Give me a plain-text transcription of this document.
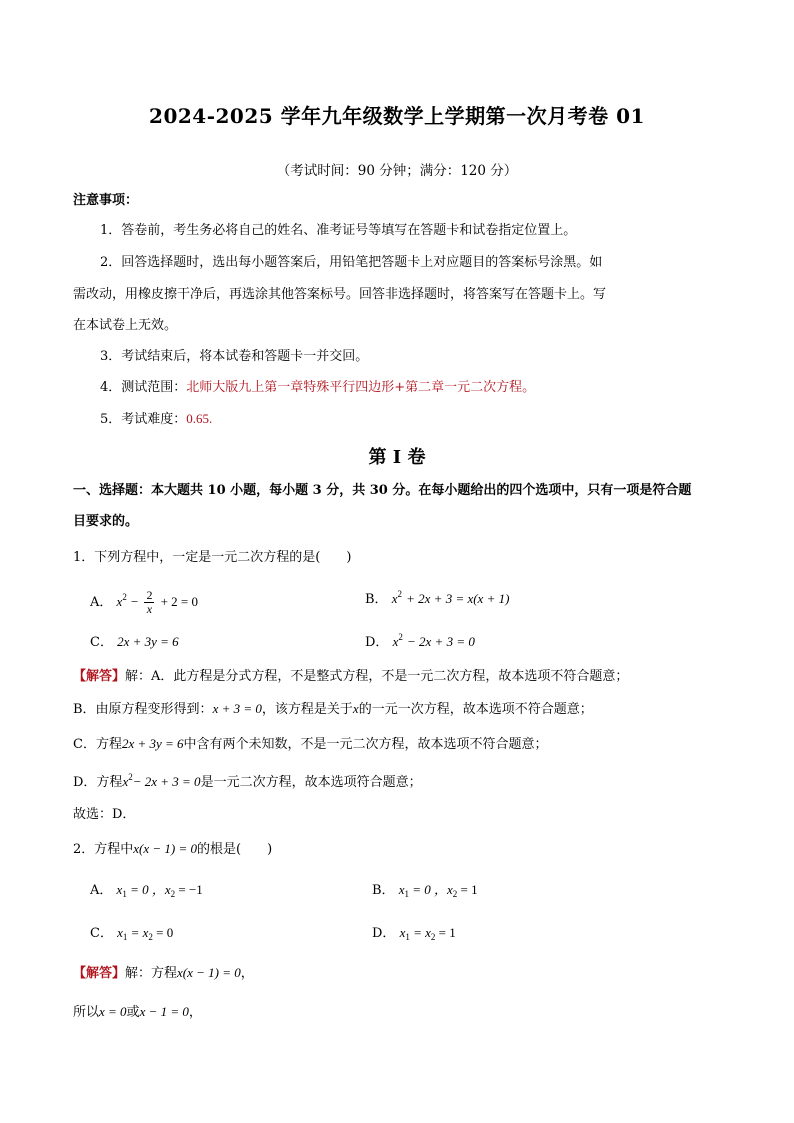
2024-2025 学年九年级数学上学期第一次月考卷 01
（考试时间：90 分钟；满分：120 分）
注意事项：
1．答卷前，考生务必将自己的姓名、准考证号等填写在答题卡和试卷指定位置上。
2．回答选择题时，选出每小题答案后，用铅笔把答题卡上对应题目的答案标号涂黑。如
需改动，用橡皮擦干净后，再选涂其他答案标号。回答非选择题时，将答案写在答题卡上。写
在本试卷上无效。
3．考试结束后，将本试卷和答题卡一并交回。
4．测试范围：北师大版九上第一章特殊平行四边形+第二章一元二次方程。
5．考试难度：0.65.
第 Ⅰ 卷
一、选择题：本大题共 10 小题，每小题 3 分，共 30 分。在每小题给出的四个选项中，只有一项是符合题
目要求的。
1．下列方程中，一定是一元二次方程的是(　　)
A． $x^2 - \frac{2}{x} + 2 = 0$	B． $x^2 + 2x + 3 = x(x + 1)$
C． 2x + 3y = 6	D． $x^2 - 2x + 3 = 0$
【解答】解：A．此方程是分式方程，不是整式方程，不是一元二次方程，故本选项不符合题意；
B．由原方程变形得到：x + 3 = 0，该方程是关于x的一元一次方程，故本选项不符合题意；
C．方程2x + 3y = 6中含有两个未知数，不是一元二次方程，故本选项不符合题意；
D．方程$x^2- 2x + 3 = 0$是一元二次方程，故本选项符合题意；
故选：D．
2．方程中x(x − 1) = 0的根是(　　)
A． $x_1 = 0$ ，$x_2 = -1$	B． $x_1 = 0$ ，$x_2 = 1$
C． $x_1 = x_2 = 0$	D． $x_1 = x_2 = 1$
【解答】解：方程x(x − 1) = 0，
所以x = 0或x − 1 = 0，
